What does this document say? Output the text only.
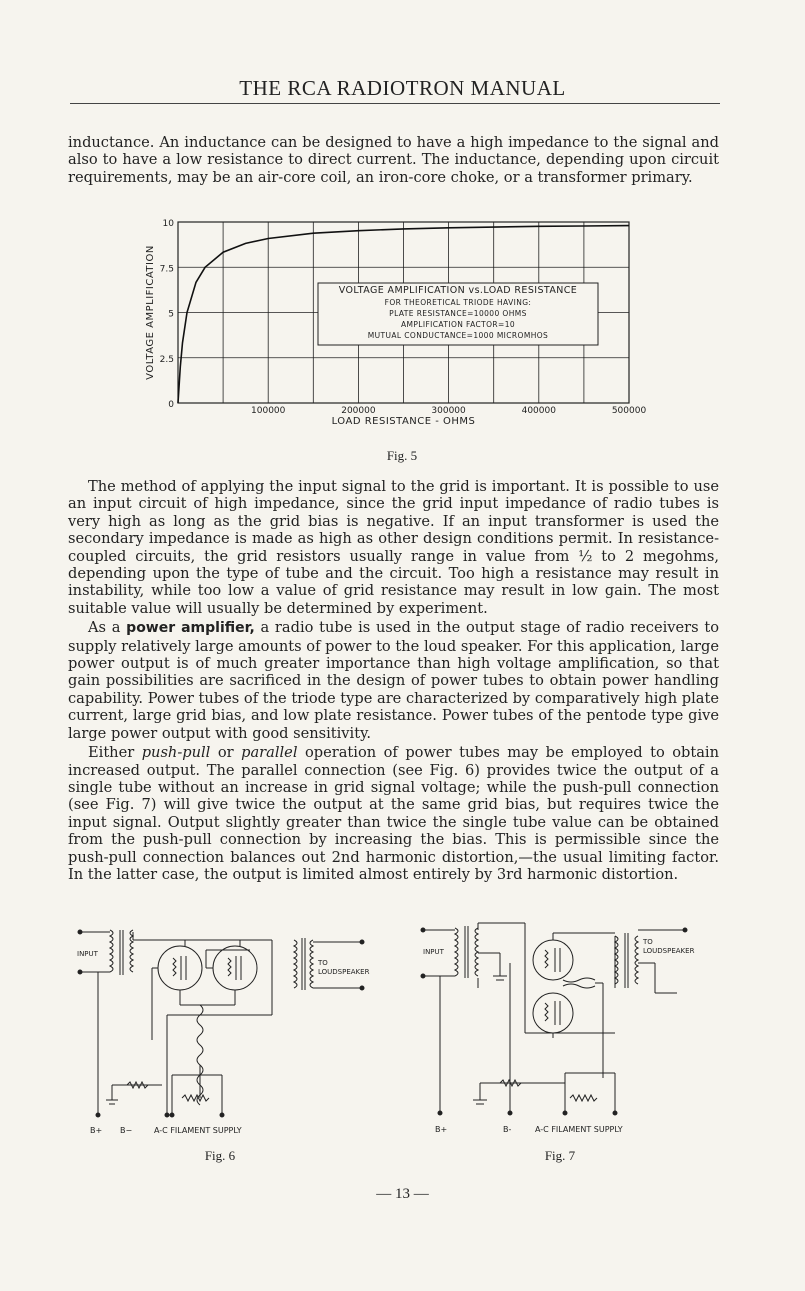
THE RCA RADIOTRON MANUAL

inductance. An inductance can be designed to have a high impedance to the signal and also to have a low resistance to direct current. The inductance, depending upon circuit requirements, may be an air-core coil, an iron-core choke, or a transformer primary.

0
2.5
5
7.5
10
100000	200000	300000	400000	500000
LOAD RESISTANCE - OHMS
VOLTAGE AMPLIFICATION	VOLTAGE AMPLIFICATION vs.LOAD RESISTANCE
FOR THEORETICAL TRIODE HAVING:
PLATE RESISTANCE=10000 OHMS
AMPLIFICATION FACTOR=10
MUTUAL CONDUCTANCE=1000 MICROMHOS
Fig. 5

The method of applying the input signal to the grid is important. It is possible to use an input circuit of high impedance, since the grid input impedance of radio tubes is very high as long as the grid bias is negative. If an input transformer is used the secondary impedance is made as high as other design conditions permit. In resistance-coupled circuits, the grid resistors usually range in value from ½ to 2 megohms, depending upon the type of tube and the circuit. Too high a resistance may result in instability, while too low a value of grid resistance may result in low gain. The most suitable value will usually be determined by experiment.

As a power amplifier, a radio tube is used in the output stage of radio receivers to supply relatively large amounts of power to the loud speaker. For this application, large power output is of much greater importance than high voltage amplification, so that gain possibilities are sacrificed in the design of power tubes to obtain power handling capability. Power tubes of the triode type are characterized by comparatively high plate current, large grid bias, and low plate resistance. Power tubes of the pentode type give large power output with good sensitivity.

Either push-pull or parallel operation of power tubes may be employed to obtain increased output. The parallel connection (see Fig. 6) provides twice the output of a single tube without an increase in grid signal voltage; while the push-pull connection (see Fig. 7) will give twice the output at the same grid bias, but requires twice the input signal. Output slightly greater than twice the single tube value can be obtained from the push-pull connection by increasing the bias. This is permissible since the push-pull connection balances out 2nd harmonic distortion,—the usual limiting factor. In the latter case, the output is limited almost entirely by 3rd harmonic distortion.

INPUT
TO
LOUDSPEAKER
B+ B−	A-C FILAMENT SUPPLY
Fig. 6
INPUT
TO
LOUDSPEAKER
B+	B-	A-C FILAMENT SUPPLY
Fig. 7
— 13 —
